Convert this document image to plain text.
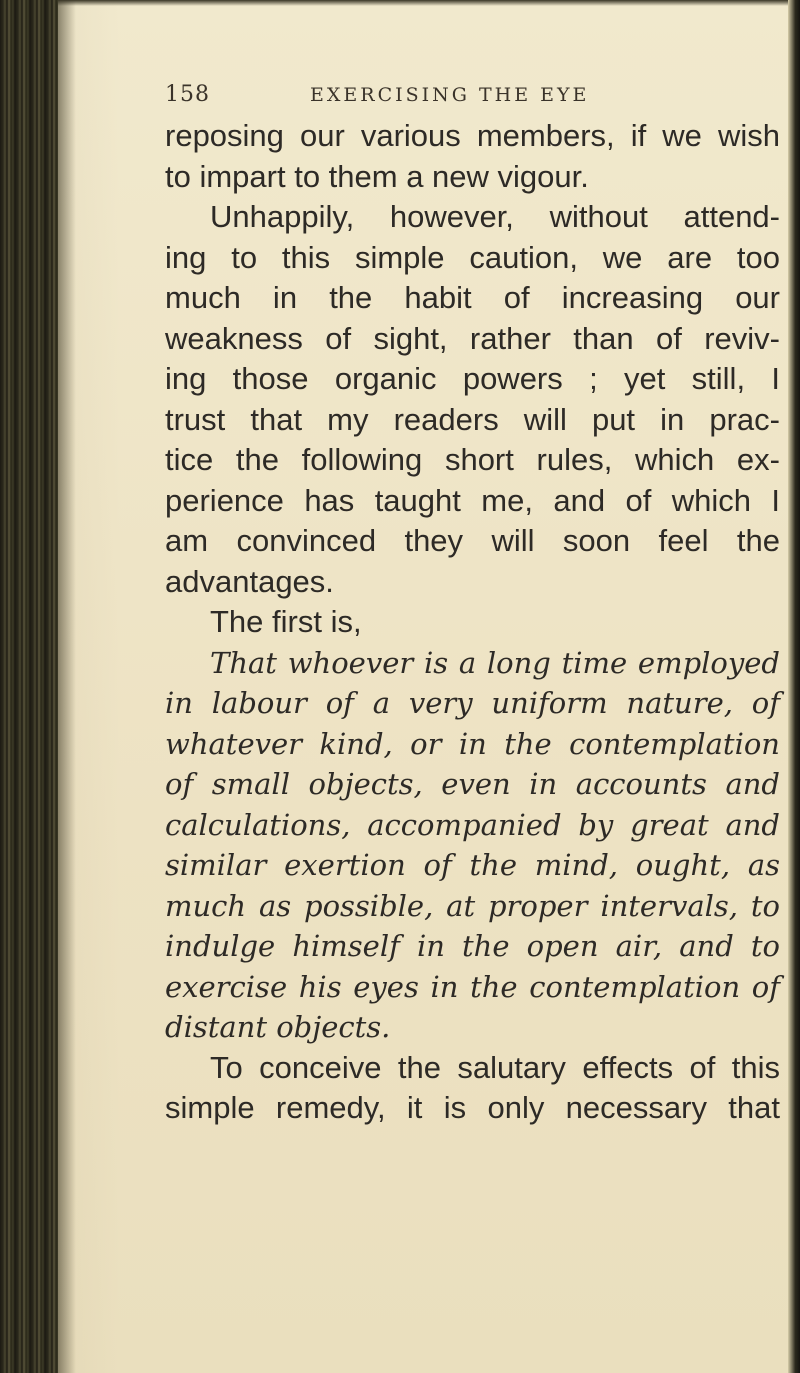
158	EXERCISING THE EYE
reposing our various members, if we wish
to impart to them a new vigour.
Unhappily, however, without attend-
ing to this simple caution, we are too
much in the habit of increasing our
weakness of sight, rather than of reviv-
ing those organic powers ; yet still, I
trust that my readers will put in prac-
tice the following short rules, which ex-
perience has taught me, and of which I
am convinced they will soon feel the
advantages.
The first is,
That whoever is a long time employed
in labour of a very uniform nature, of
whatever kind, or in the contemplation
of small objects, even in accounts and
calculations, accompanied by great and
similar exertion of the mind, ought, as
much as possible, at proper intervals, to
indulge himself in the open air, and to
exercise his eyes in the contemplation of
distant objects.
To conceive the salutary effects of this
simple remedy, it is only necessary that
